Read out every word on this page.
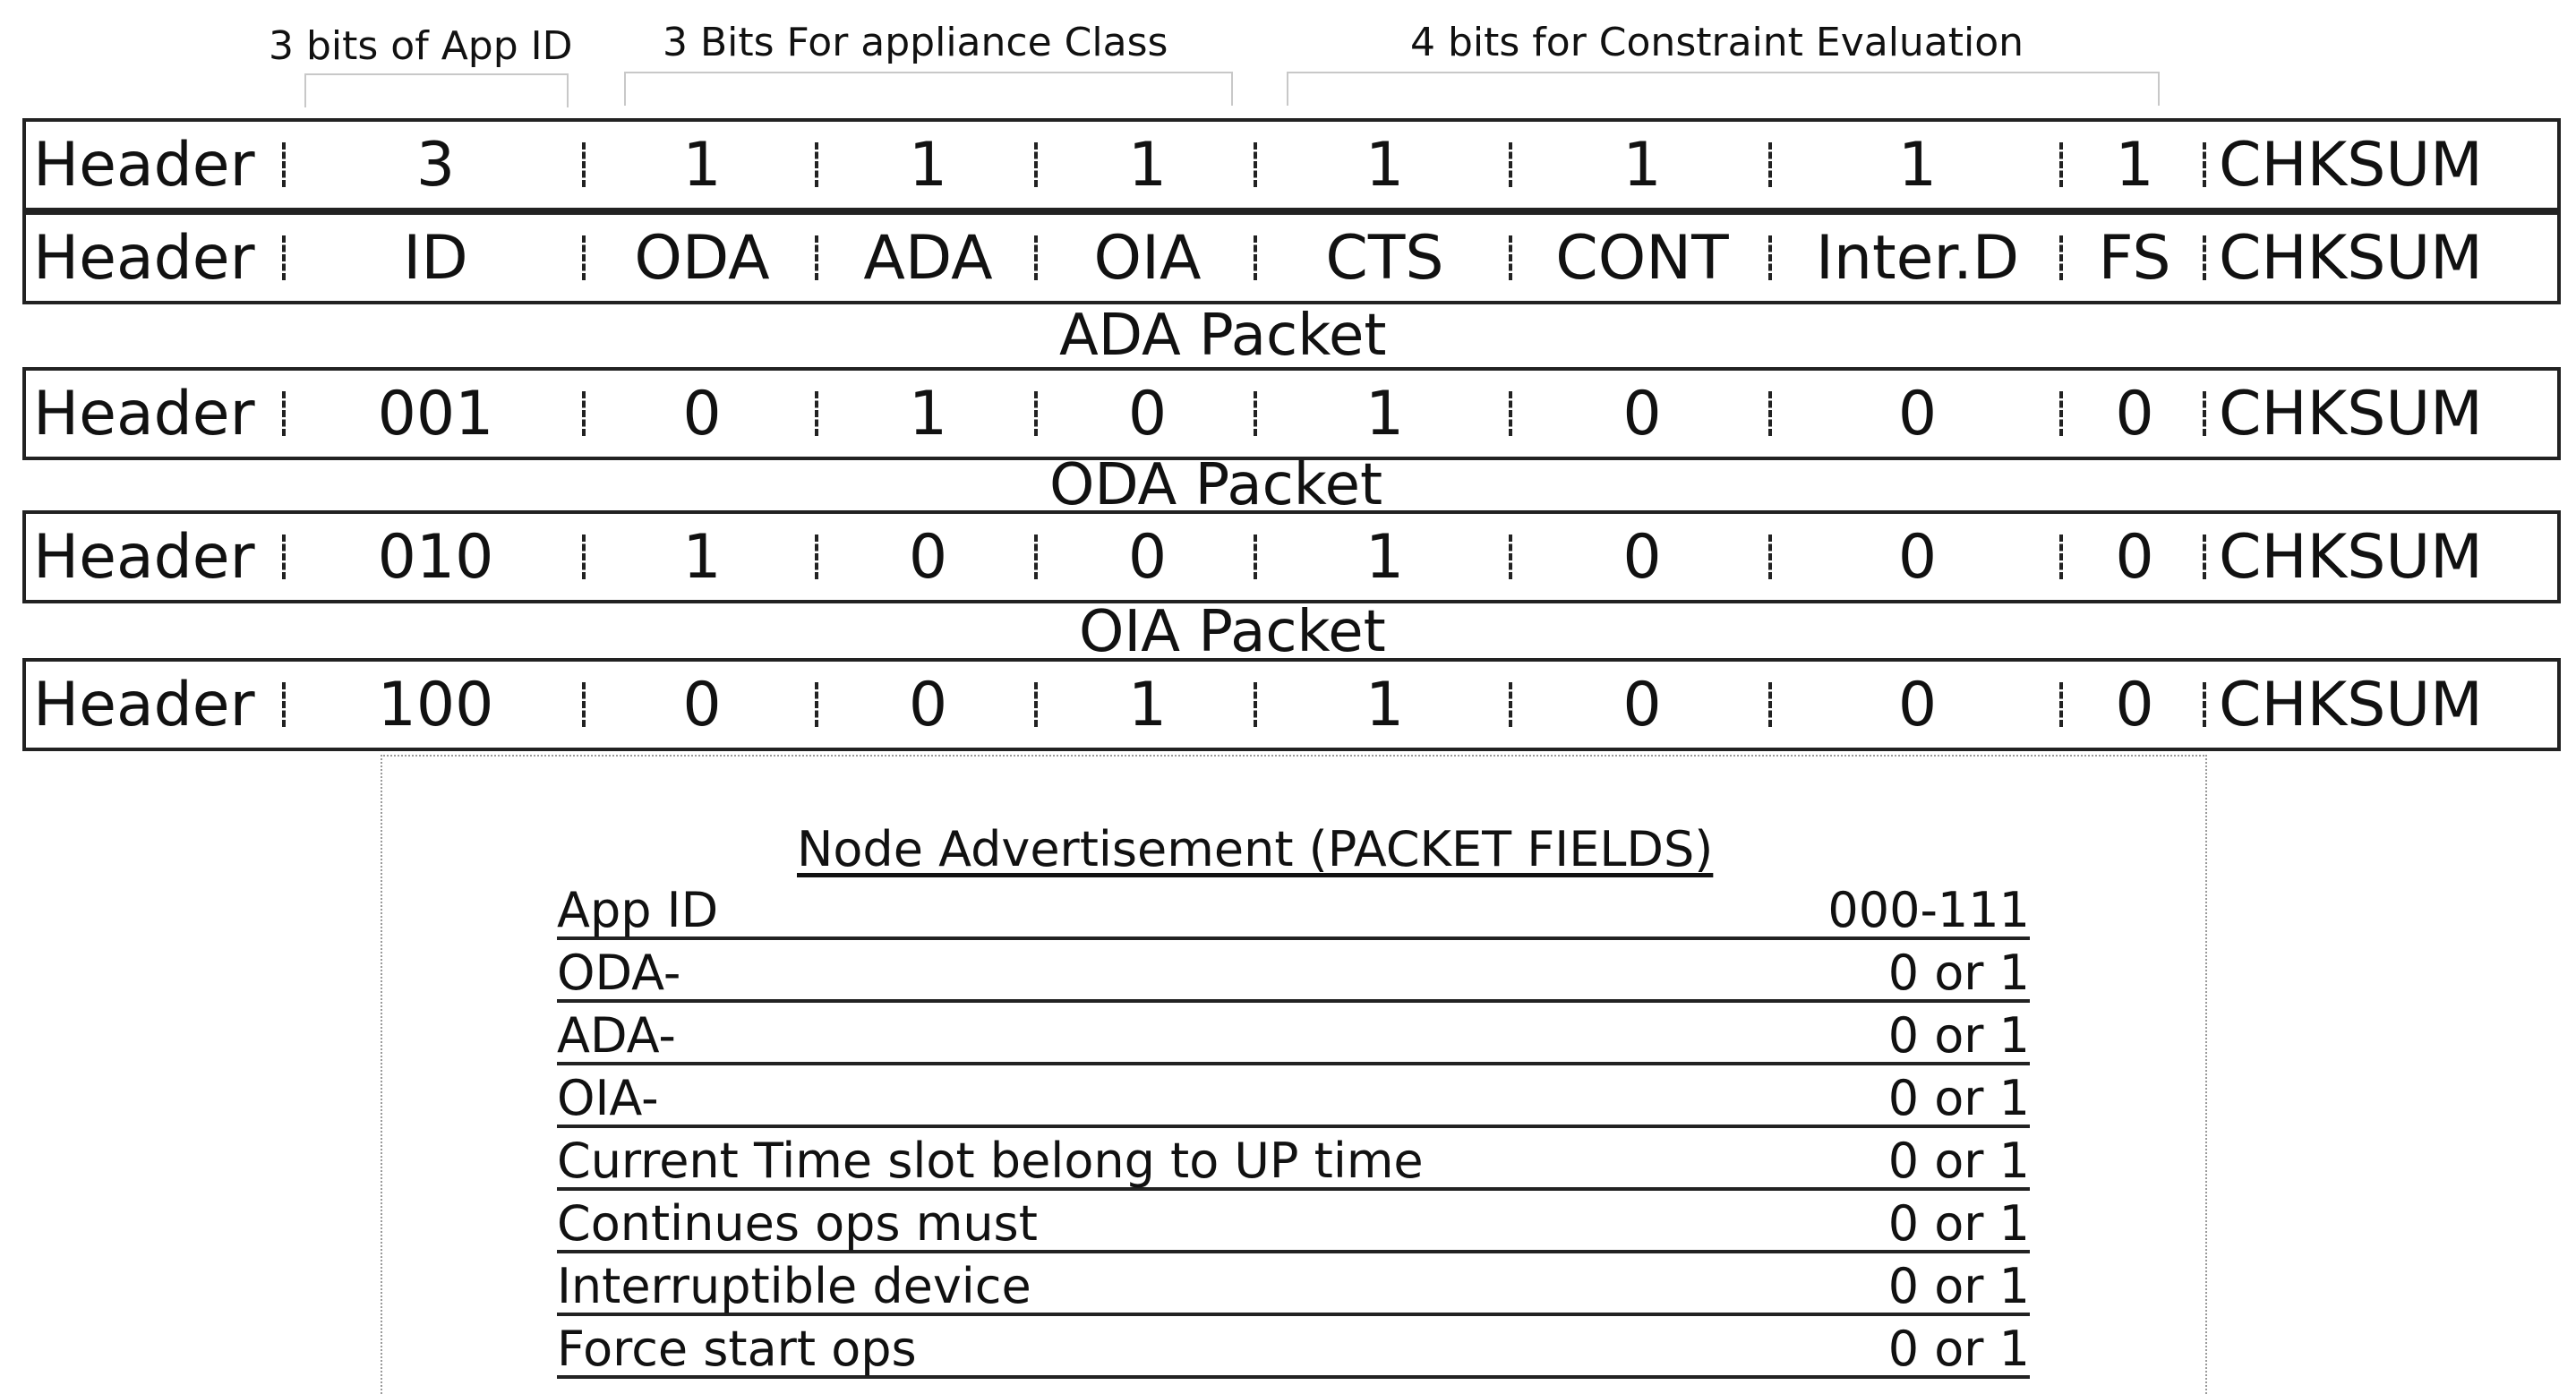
3 bits of App ID 3 Bits For appliance Class	4 bits for Constraint Evaluation
Header	3	1	1	1	1	1	1	1 CHKSUM
Header ID	ODA ADA OIA CTS CONT Inter.D FS CHKSUM
ADA Packet
Header 001	0	1	0	1	0	0	0 CHKSUM
ODA Packet
Header 010	1	0	0	1	0	0	0 CHKSUM
OIA Packet
Header 100	0	0	1	1	0	0	0 CHKSUM
Node Advertisement (PACKET FIELDS)
App ID	000-111
ODA-	0 or 1
ADA-	0 or 1
OIA-	0 or 1
Current Time slot belong to UP time	0 or 1
Continues ops must	0 or 1
Interruptible device	0 or 1
Force start ops	0 or 1
